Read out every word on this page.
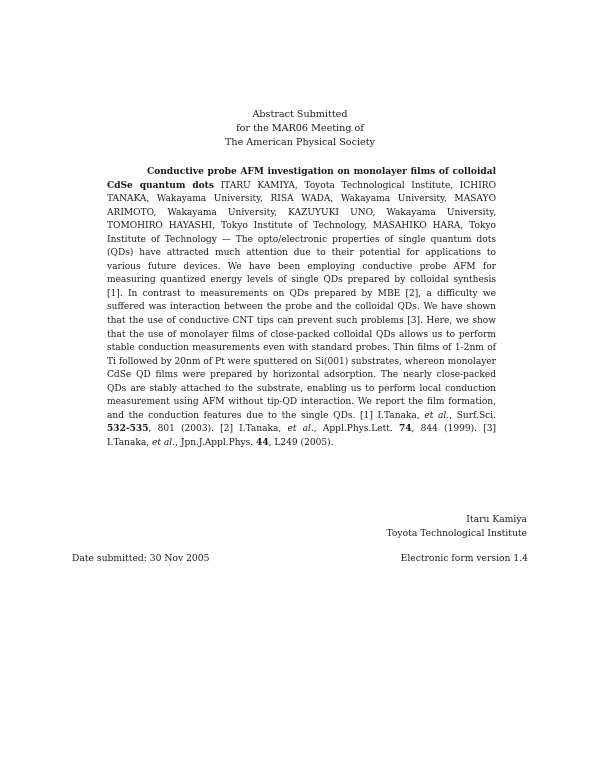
Abstract Submitted
for the MAR06 Meeting of
The American Physical Society
Conductive probe AFM investigation on monolayer films of colloidal CdSe quantum dots ITARU KAMIYA, Toyota Technological Institute, ICHIRO TANAKA, Wakayama University, RISA WADA, Wakayama University, MASAYO ARIMOTO, Wakayama University, KAZUYUKI UNO, Wakayama University, TOMOHIRO HAYASHI, Tokyo Institute of Technology, MASAHIKO HARA, Tokyo Institute of Technology — The opto/electronic properties of single quantum dots (QDs) have attracted much attention due to their potential for applications to various future devices. We have been employing conductive probe AFM for measuring quantized energy levels of single QDs prepared by colloidal synthesis [1]. In contrast to measurements on QDs prepared by MBE [2], a difficulty we suffered was interaction between the probe and the colloidal QDs. We have shown that the use of conductive CNT tips can prevent such problems [3]. Here, we show that the use of monolayer films of close-packed colloidal QDs allows us to perform stable conduction measurements even with standard probes. Thin films of 1-2nm of Ti followed by 20nm of Pt were sputtered on Si(001) substrates, whereon monolayer CdSe QD films were prepared by horizontal adsorption. The nearly close-packed QDs are stably attached to the substrate, enabling us to perform local conduction measurement using AFM without tip-QD interaction. We report the film formation, and the conduction features due to the single QDs. [1] I.Tanaka, et al., Surf.Sci. 532-535, 801 (2003). [2] I.Tanaka, et al., Appl.Phys.Lett. 74, 844 (1999). [3] I.Tanaka, et al., Jpn.J.Appl.Phys. 44, L249 (2005).
Itaru Kamiya
Toyota Technological Institute
Date submitted: 30 Nov 2005	Electronic form version 1.4
